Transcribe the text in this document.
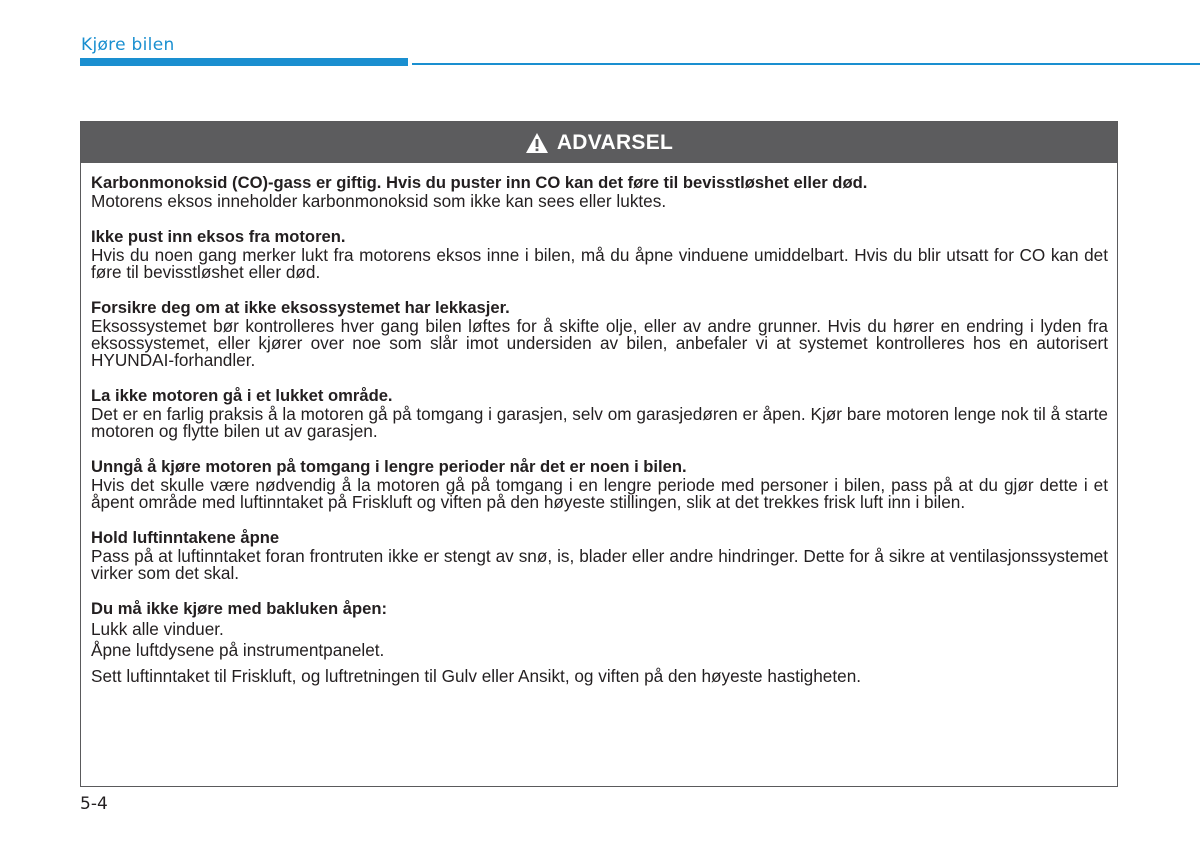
Kjøre bilen
ADVARSEL

Karbonmonoksid (CO)-gass er giftig. Hvis du puster inn CO kan det føre til bevisstløshet eller død.

Motorens eksos inneholder karbonmonoksid som ikke kan sees eller luktes.

Ikke pust inn eksos fra motoren.

Hvis du noen gang merker lukt fra motorens eksos inne i bilen, må du åpne vinduene umiddelbart. Hvis du blir utsatt for CO kan det føre til bevisstløshet eller død.

Forsikre deg om at ikke eksossystemet har lekkasjer.

Eksossystemet bør kontrolleres hver gang bilen løftes for å skifte olje, eller av andre grunner. Hvis du hører en endring i lyden fra eksossystemet, eller kjører over noe som slår imot undersiden av bilen, anbefaler vi at systemet kontrolleres hos en autorisert HYUNDAI-forhandler.

La ikke motoren gå i et lukket område.

Det er en farlig praksis å la motoren gå på tomgang i garasjen, selv om garasjedøren er åpen. Kjør bare motoren lenge nok til å starte motoren og flytte bilen ut av garasjen.

Unngå å kjøre motoren på tomgang i lengre perioder når det er noen i bilen.

Hvis det skulle være nødvendig å la motoren gå på tomgang i en lengre periode med personer i bilen, pass på at du gjør dette i et åpent område med luftinntaket på Friskluft og viften på den høyeste stillingen, slik at det trekkes frisk luft inn i bilen.

Hold luftinntakene åpne

Pass på at luftinntaket foran frontruten ikke er stengt av snø, is, blader eller andre hindringer. Dette for å sikre at ventilasjonssystemet virker som det skal.

Du må ikke kjøre med bakluken åpen:

Lukk alle vinduer.

Åpne luftdysene på instrumentpanelet.

Sett luftinntaket til Friskluft, og luftretningen til Gulv eller Ansikt, og viften på den høyeste hastigheten.

5-4
